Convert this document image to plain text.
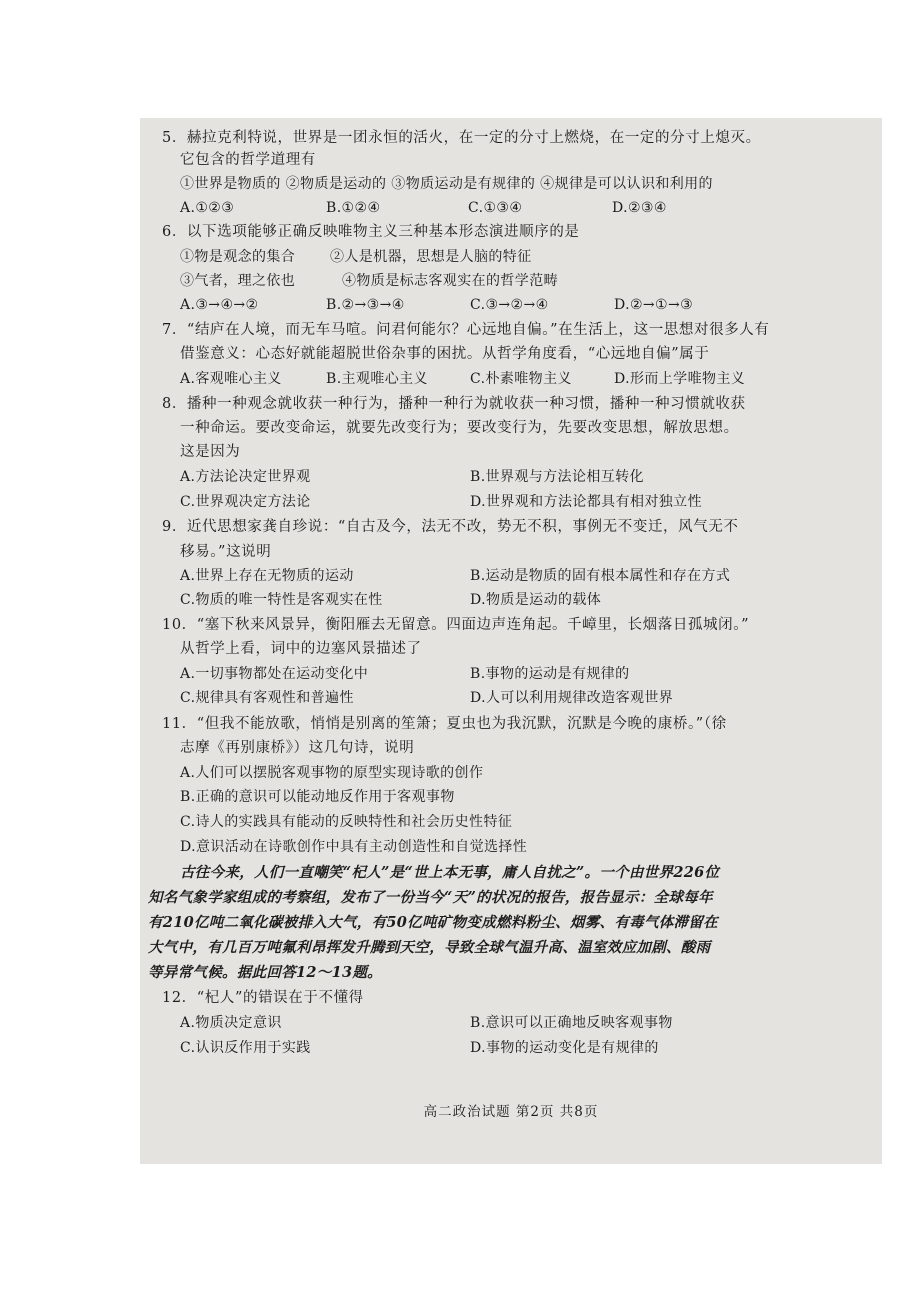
5．赫拉克利特说，世界是一团永恒的活火，在一定的分寸上燃烧，在一定的分寸上熄灭。
它包含的哲学道理有
①世界是物质的 ②物质是运动的 ③物质运动是有规律的 ④规律是可以认识和利用的
A.①②③	B.①②④	C.①③④	D.②③④
6．以下选项能够正确反映唯物主义三种基本形态演进顺序的是
①物是观念的集合 ②人是机器，思想是人脑的特征
③气者，理之依也	④物质是标志客观实在的哲学范畴
A.③→④→②	B.②→③→④	C.③→②→④	D.②→①→③
7．“结庐在人境，而无车马喧。问君何能尔？心远地自偏。”在生活上，这一思想对很多人有
借鉴意义：心态好就能超脱世俗杂事的困扰。从哲学角度看，“心远地自偏”属于
A.客观唯心主义	B.主观唯心主义	C.朴素唯物主义	D.形而上学唯物主义
8．播种一种观念就收获一种行为，播种一种行为就收获一种习惯，播种一种习惯就收获
一种命运。要改变命运，就要先改变行为；要改变行为，先要改变思想，解放思想。
这是因为
A.方法论决定世界观	B.世界观与方法论相互转化
C.世界观决定方法论	D.世界观和方法论都具有相对独立性
9．近代思想家龚自珍说：“自古及今，法无不改，势无不积，事例无不变迁，风气无不
移易。”这说明
A.世界上存在无物质的运动	B.运动是物质的固有根本属性和存在方式
C.物质的唯一特性是客观实在性	D.物质是运动的载体
10．“塞下秋来风景异，衡阳雁去无留意。四面边声连角起。千嶂里，长烟落日孤城闭。”
从哲学上看，词中的边塞风景描述了
A.一切事物都处在运动变化中	B.事物的运动是有规律的
C.规律具有客观性和普遍性	D.人可以利用规律改造客观世界
11．“但我不能放歌，悄悄是别离的笙箫；夏虫也为我沉默，沉默是今晚的康桥。”（徐
志摩《再别康桥》）这几句诗，说明
A.人们可以摆脱客观事物的原型实现诗歌的创作
B.正确的意识可以能动地反作用于客观事物
C.诗人的实践具有能动的反映特性和社会历史性特征
D.意识活动在诗歌创作中具有主动创造性和自觉选择性
古往今来，人们一直嘲笑“杞人”是“世上本无事，庸人自扰之”。一个由世界226位
知名气象学家组成的考察组，发布了一份当今“天”的状况的报告，报告显示：全球每年
有210亿吨二氧化碳被排入大气，有50亿吨矿物变成燃料粉尘、烟雾、有毒气体滞留在
大气中，有几百万吨氟利昂挥发升腾到天空，导致全球气温升高、温室效应加剧、酸雨
等异常气候。据此回答12～13题。
12．“杞人”的错误在于不懂得
A.物质决定意识	B.意识可以正确地反映客观事物
C.认识反作用于实践	D.事物的运动变化是有规律的
高二政治试题 第2页 共8页
